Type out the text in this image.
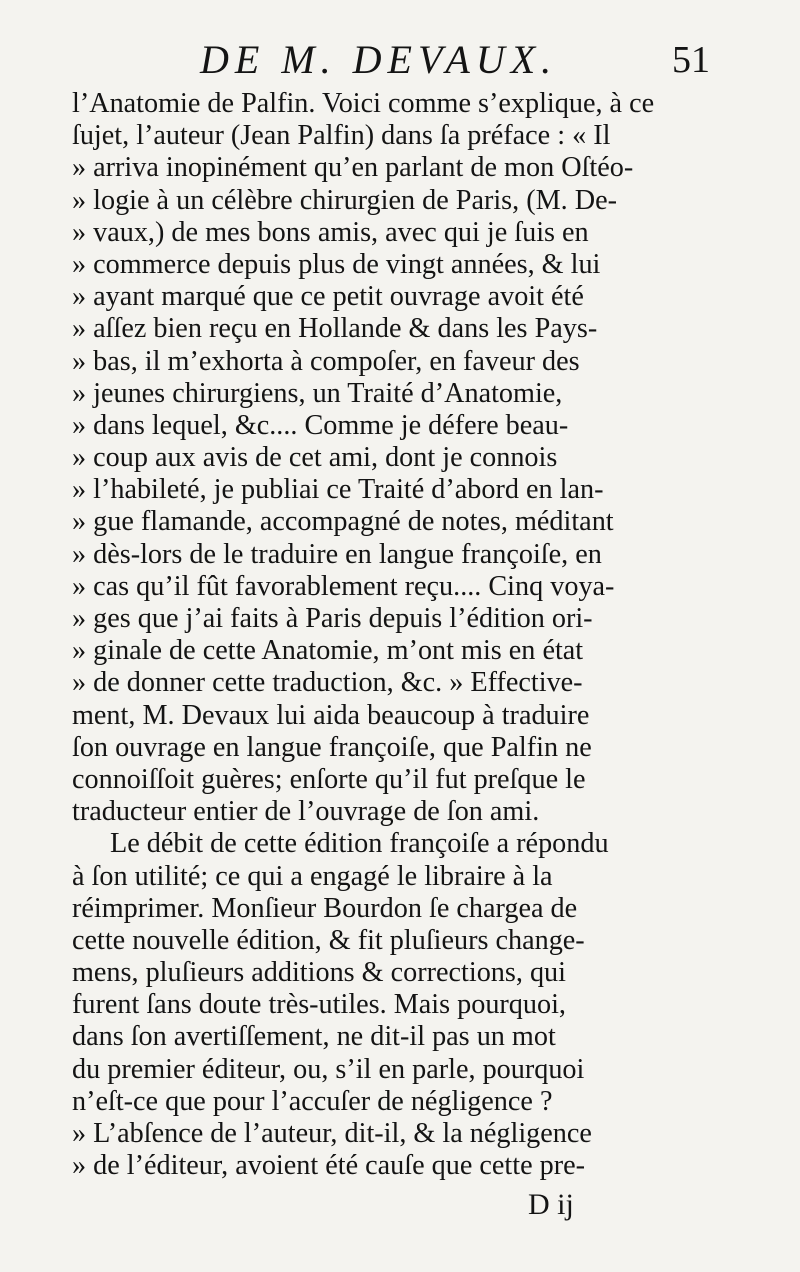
DE M. DEVAUX.	51
l’Anatomie de Palfin. Voici comme s’explique, à ce
ſujet, l’auteur (Jean Palfin) dans ſa préface : « Il
» arriva inopinément qu’en parlant de mon Oſtéo-
» logie à un célèbre chirurgien de Paris, (M. De-
» vaux,) de mes bons amis, avec qui je ſuis en
» commerce depuis plus de vingt années, & lui
» ayant marqué que ce petit ouvrage avoit été
» aſſez bien reçu en Hollande & dans les Pays-
» bas, il m’exhorta à compoſer, en faveur des
» jeunes chirurgiens, un Traité d’Anatomie,
» dans lequel, &c.... Comme je défere beau-
» coup aux avis de cet ami, dont je connois
» l’habileté, je publiai ce Traité d’abord en lan-
» gue flamande, accompagné de notes, méditant
» dès-lors de le traduire en langue françoiſe, en
» cas qu’il fût favorablement reçu.... Cinq voya-
» ges que j’ai faits à Paris depuis l’édition ori-
» ginale de cette Anatomie, m’ont mis en état
» de donner cette traduction, &c. » Effective-
ment, M. Devaux lui aida beaucoup à traduire
ſon ouvrage en langue françoiſe, que Palfin ne
connoiſſoit guères; enſorte qu’il fut preſque le
traducteur entier de l’ouvrage de ſon ami.
Le débit de cette édition françoiſe a répondu
à ſon utilité; ce qui a engagé le libraire à la
réimprimer. Monſieur Bourdon ſe chargea de
cette nouvelle édition, & fit pluſieurs change-
mens, pluſieurs additions & corrections, qui
furent ſans doute très-utiles. Mais pourquoi,
dans ſon avertiſſement, ne dit-il pas un mot
du premier éditeur, ou, s’il en parle, pourquoi
n’eſt-ce que pour l’accuſer de négligence ?
» L’abſence de l’auteur, dit-il, & la négligence
» de l’éditeur, avoient été cauſe que cette pre-
D ij
